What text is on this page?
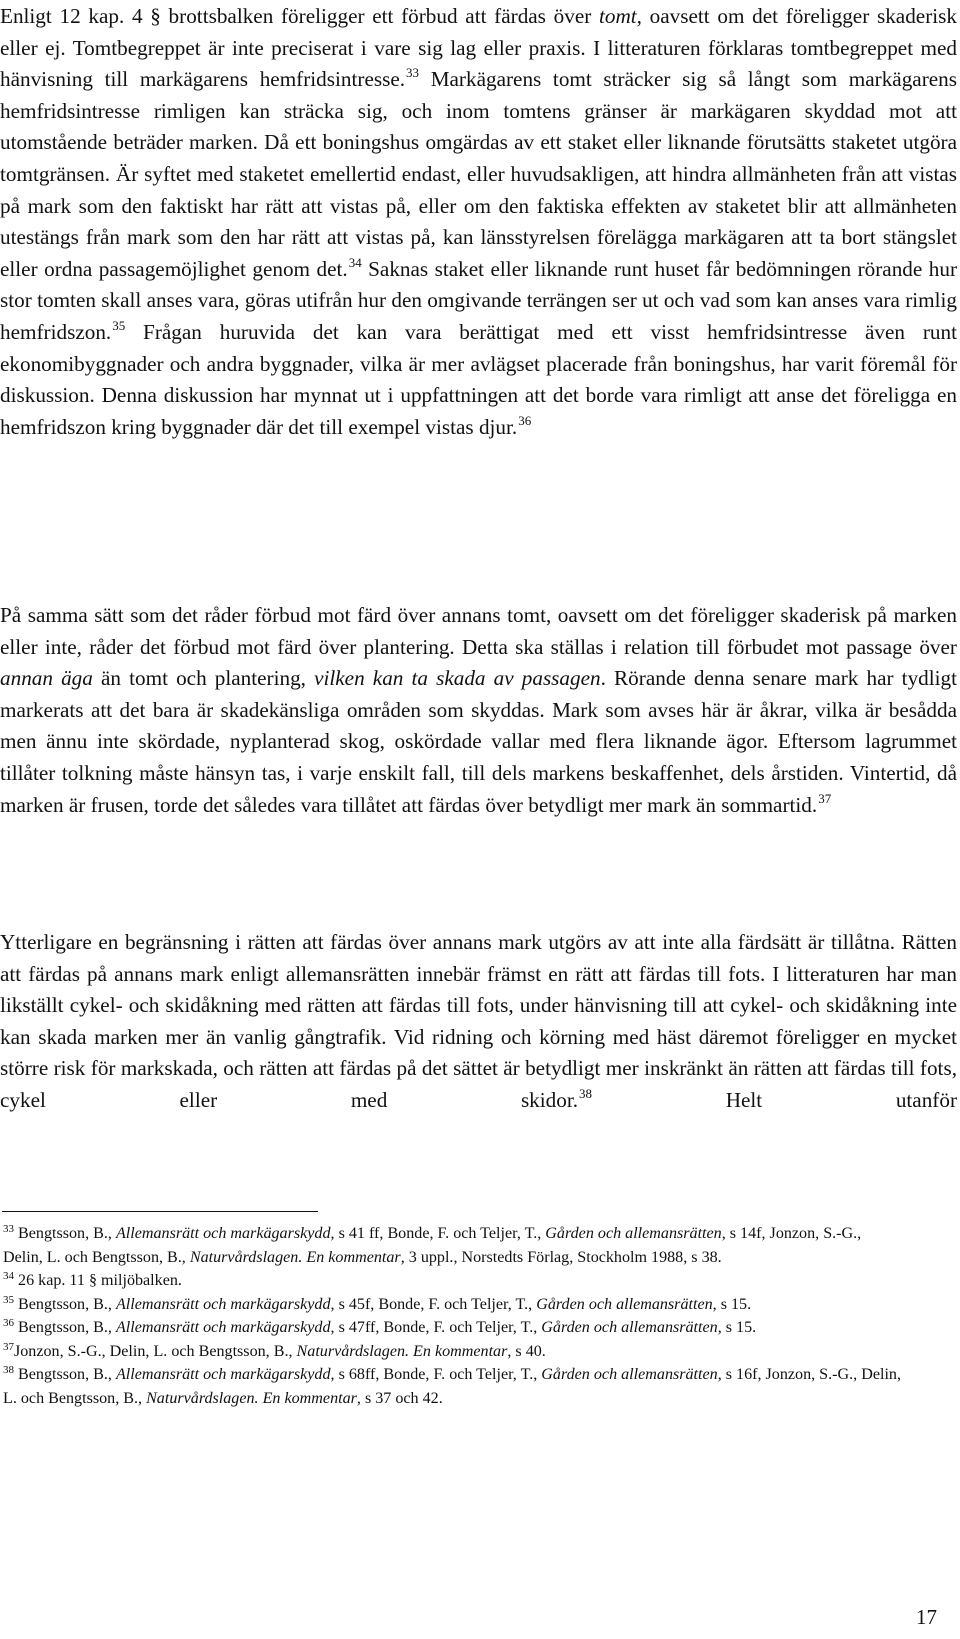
Enligt 12 kap. 4 § brottsbalken föreligger ett förbud att färdas över tomt, oavsett om det föreligger skaderisk eller ej. Tomtbegreppet är inte preciserat i vare sig lag eller praxis. I litteraturen förklaras tomtbegreppet med hänvisning till markägarens hemfridsintresse.$^{33}$ Markägarens tomt sträcker sig så långt som markägarens hemfridsintresse rimligen kan sträcka sig, och inom tomtens gränser är markägaren skyddad mot att utomstående beträder marken. Då ett boningshus omgärdas av ett staket eller liknande förutsätts staketet utgöra tomtgränsen. Är syftet med staketet emellertid endast, eller huvudsakligen, att hindra allmänheten från att vistas på mark som den faktiskt har rätt att vistas på, eller om den faktiska effekten av staketet blir att allmänheten utestängs från mark som den har rätt att vistas på, kan länsstyrelsen förelägga markägaren att ta bort stängslet eller ordna passagemöjlighet genom det.$^{34}$ Saknas staket eller liknande runt huset får bedömningen rörande hur stor tomten skall anses vara, göras utifrån hur den omgivande terrängen ser ut och vad som kan anses vara rimlig hemfridszon.$^{35}$ Frågan huruvida det kan vara berättigat med ett visst hemfridsintresse även runt ekonomibyggnader och andra byggnader, vilka är mer avlägset placerade från boningshus, har varit föremål för diskussion. Denna diskussion har mynnat ut i uppfattningen att det borde vara rimligt att anse det föreligga en hemfridszon kring byggnader där det till exempel vistas djur.$^{36}$

På samma sätt som det råder förbud mot färd över annans tomt, oavsett om det föreligger skaderisk på marken eller inte, råder det förbud mot färd över plantering. Detta ska ställas i relation till förbudet mot passage över annan äga än tomt och plantering, vilken kan ta skada av passagen. Rörande denna senare mark har tydligt markerats att det bara är skadekänsliga områden som skyddas. Mark som avses här är åkrar, vilka är besådda men ännu inte skördade, nyplanterad skog, oskördade vallar med flera liknande ägor. Eftersom lagrummet tillåter tolkning måste hänsyn tas, i varje enskilt fall, till dels markens beskaffenhet, dels årstiden. Vintertid, då marken är frusen, torde det således vara tillåtet att färdas över betydligt mer mark än sommartid.$^{37}$

Ytterligare en begränsning i rätten att färdas över annans mark utgörs av att inte alla färdsätt är tillåtna. Rätten att färdas på annans mark enligt allemansrätten innebär främst en rätt att färdas till fots. I litteraturen har man likställt cykel- och skidåkning med rätten att färdas till fots, under hänvisning till att cykel- och skidåkning inte kan skada marken mer än vanlig gångtrafik. Vid ridning och körning med häst däremot föreligger en mycket större risk för markskada, och rätten att färdas på det sättet är betydligt mer inskränkt än rätten att färdas till fots, cykel eller med skidor.$^{38}$ Helt utanför

$^{33}$ Bengtsson, B., Allemansrätt och markägarskydd, s 41 ff, Bonde, F. och Teljer, T., Gården och allemansrätten, s 14f, Jonzon, S.-G., Delin, L. och Bengtsson, B., Naturvårdslagen. En kommentar, 3 uppl., Norstedts Förlag, Stockholm 1988, s 38.
$^{34}$ 26 kap. 11 § miljöbalken.
$^{35}$ Bengtsson, B., Allemansrätt och markägarskydd, s 45f, Bonde, F. och Teljer, T., Gården och allemansrätten, s 15.
$^{36}$ Bengtsson, B., Allemansrätt och markägarskydd, s 47ff, Bonde, F. och Teljer, T., Gården och allemansrätten, s 15.
$^{37}$Jonzon, S.-G., Delin, L. och Bengtsson, B., Naturvårdslagen. En kommentar, s 40.
$^{38}$ Bengtsson, B., Allemansrätt och markägarskydd, s 68ff, Bonde, F. och Teljer, T., Gården och allemansrätten, s 16f, Jonzon, S.-G., Delin, L. och Bengtsson, B., Naturvårdslagen. En kommentar, s 37 och 42.
17
